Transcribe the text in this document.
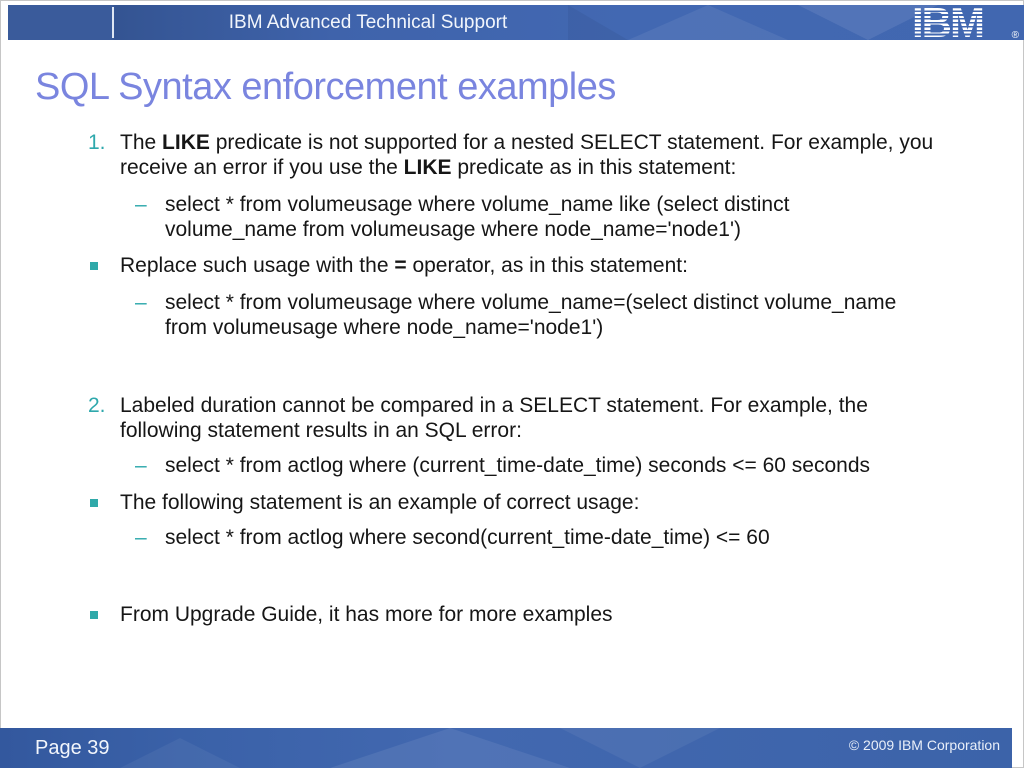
IBM Advanced Technical Support	IBM	®
SQL Syntax enforcement examples
1. The LIKE predicate is not supported for a nested SELECT statement. For example, you receive an error if you use the LIKE predicate as in this statement:

– select * from volumeusage where volume_name like (select distinct volume_name from volumeusage where node_name='node1')

Replace such usage with the = operator, as in this statement:

– select * from volumeusage where volume_name=(select distinct volume_name from volumeusage where node_name='node1')

2. Labeled duration cannot be compared in a SELECT statement. For example, the following statement results in an SQL error:

– select * from actlog where (current_time-date_time) seconds <= 60 seconds

The following statement is an example of correct usage:

– select * from actlog where second(current_time-date_time) <= 60

From Upgrade Guide, it has more for more examples

Page 39	© 2009 IBM Corporation
